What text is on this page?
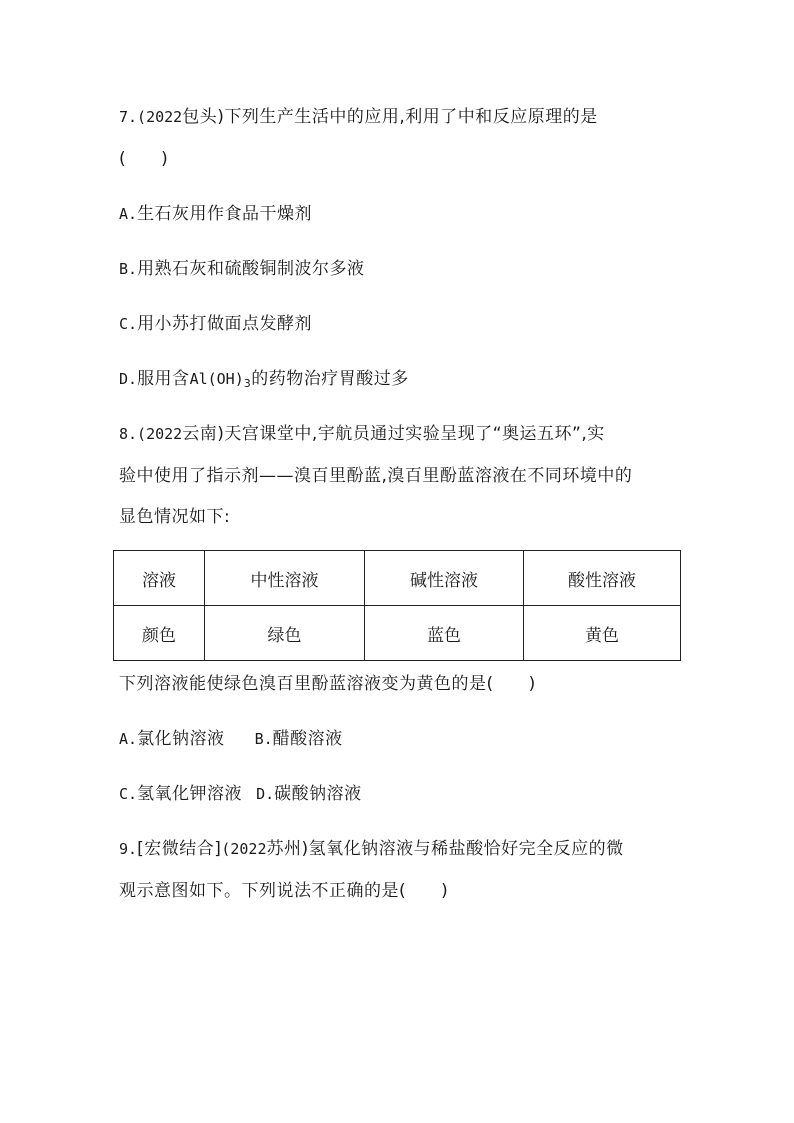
7.(2022包头)下列生产生活中的应用,利用了中和反应原理的是
(　　)
A.生石灰用作食品干燥剂
B.用熟石灰和硫酸铜制波尔多液
C.用小苏打做面点发酵剂
D.服用含$Al(OH)_3$的药物治疗胃酸过多
8.(2022云南)天宫课堂中,宇航员通过实验呈现了“奥运五环”,实
验中使用了指示剂——溴百里酚蓝,溴百里酚蓝溶液在不同环境中的
显色情况如下:
溶液	中性溶液	碱性溶液	酸性溶液
颜色	绿色	蓝色	黄色
下列溶液能使绿色溴百里酚蓝溶液变为黄色的是(　　)
A.氯化钠溶液 B.醋酸溶液
C.氢氧化钾溶液 D.碳酸钠溶液
9.[宏微结合](2022苏州)氢氧化钠溶液与稀盐酸恰好完全反应的微
观示意图如下。下列说法不正确的是(　　)
